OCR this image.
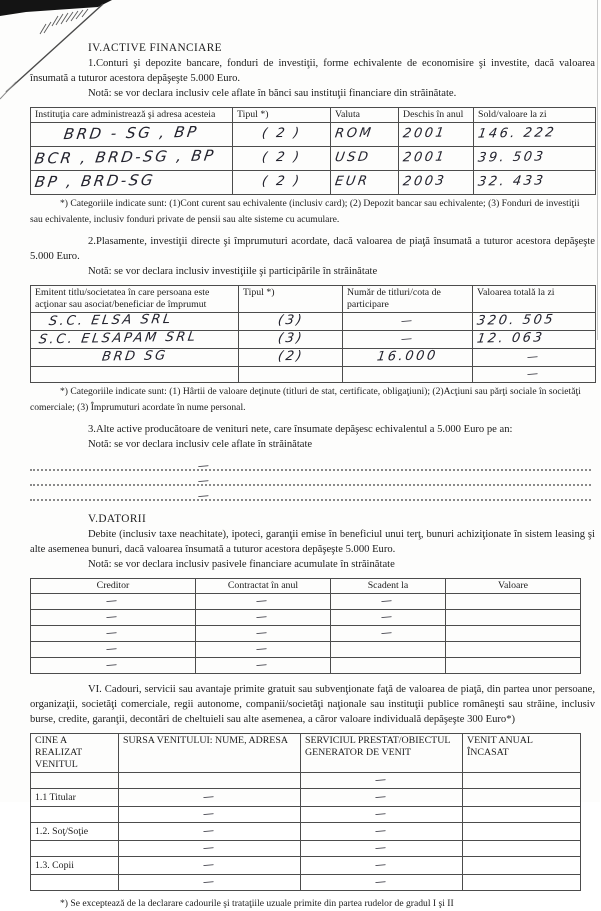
IV.ACTIVE FINANCIARE

1.Conturi şi depozite bancare, fonduri de investiţii, forme echivalente de economisire şi investite, dacă valoarea însumată a tuturor acestora depăşeşte 5.000 Euro.

Notă: se vor declara inclusiv cele aflate în bănci sau instituţii financiare din străinătate.

Instituţia care administrează şi adresa acesteia	Tipul *)	Valuta	Deschis în anul	Sold/valoare la zi
BRD - SG , BP	( 2 )	ROM	2001	146. 222
BCR , BRD-SG , BP	( 2 )	USD	2001	39. 503
BP , BRD-SG	( 2 )	EUR	2003	32. 433

*) Categoriile indicate sunt: (1)Cont curent sau echivalente (inclusiv card); (2) Depozit bancar sau echivalente; (3) Fonduri de investiţii

sau echivalente, inclusiv fonduri private de pensii sau alte sisteme cu acumulare.

2.Plasamente, investiţii directe şi împrumuturi acordate, dacă valoarea de piaţă însumată a tuturor acestora depăşeşte 5.000 Euro.

Notă: se vor declara inclusiv investiţiile şi participările în străinătate

Emitent titlu/societatea în care persoana este acţionar sau asociat/beneficiar de împrumut	Tipul *)	Număr de titluri/cota de participare	Valoarea totală la zi
S.C. ELSA SRL	(3)	—	320. 505
S.C. ELSAPAM SRL	(3)	—	12. 063
BRD SG	(2)	16.000	—
			—

*) Categoriile indicate sunt: (1) Hârtii de valoare deţinute (titluri de stat, certificate, obligaţiuni); (2)Acţiuni sau părţi sociale în societăţi

comerciale; (3) Împrumuturi acordate în nume personal.

3.Alte active producătoare de venituri nete, care însumate depăşesc echivalentul a 5.000 Euro pe an:

Notă: se vor declara inclusiv cele aflate în străinătate

—
—
—

V.DATORII

Debite (inclusiv taxe neachitate), ipoteci, garanţii emise în beneficiul unui terţ, bunuri achiziţionate în sistem leasing şi alte asemenea bunuri, dacă valoarea însumată a tuturor acestora depăşeşte 5.000 Euro.

Notă: se vor declara inclusiv pasivele financiare acumulate în străinătate

Creditor	Contractat în anul	Scadent la	Valoare
—	—	—	
—	—	—	
—	—	—	
—	—		
—	—		

VI. Cadouri, servicii sau avantaje primite gratuit sau subvenţionate faţă de valoarea de piaţă, din partea unor persoane, organizaţii, societăţi comerciale, regii autonome, companii/societăţi naţionale sau instituţii publice româneşti sau străine, inclusiv burse, credite, garanţii, decontări de cheltuieli sau alte asemenea, a căror valoare individuală depăşeşte 300 Euro*)

CINE A REALIZAT VENITUL	SURSA VENITULUI: NUME, ADRESA	SERVICIUL PRESTAT/OBIECTUL GENERATOR DE VENIT	VENIT ANUAL ÎNCASAT
		—	
1.1 Titular	—	—	
	—	—	
1.2. Soţ/Soţie	—	—	
	—	—	
1.3. Copii	—	—	
	—	—	

*) Se exceptează de la declarare cadourile şi trataţiile uzuale primite din partea rudelor de gradul I şi II
